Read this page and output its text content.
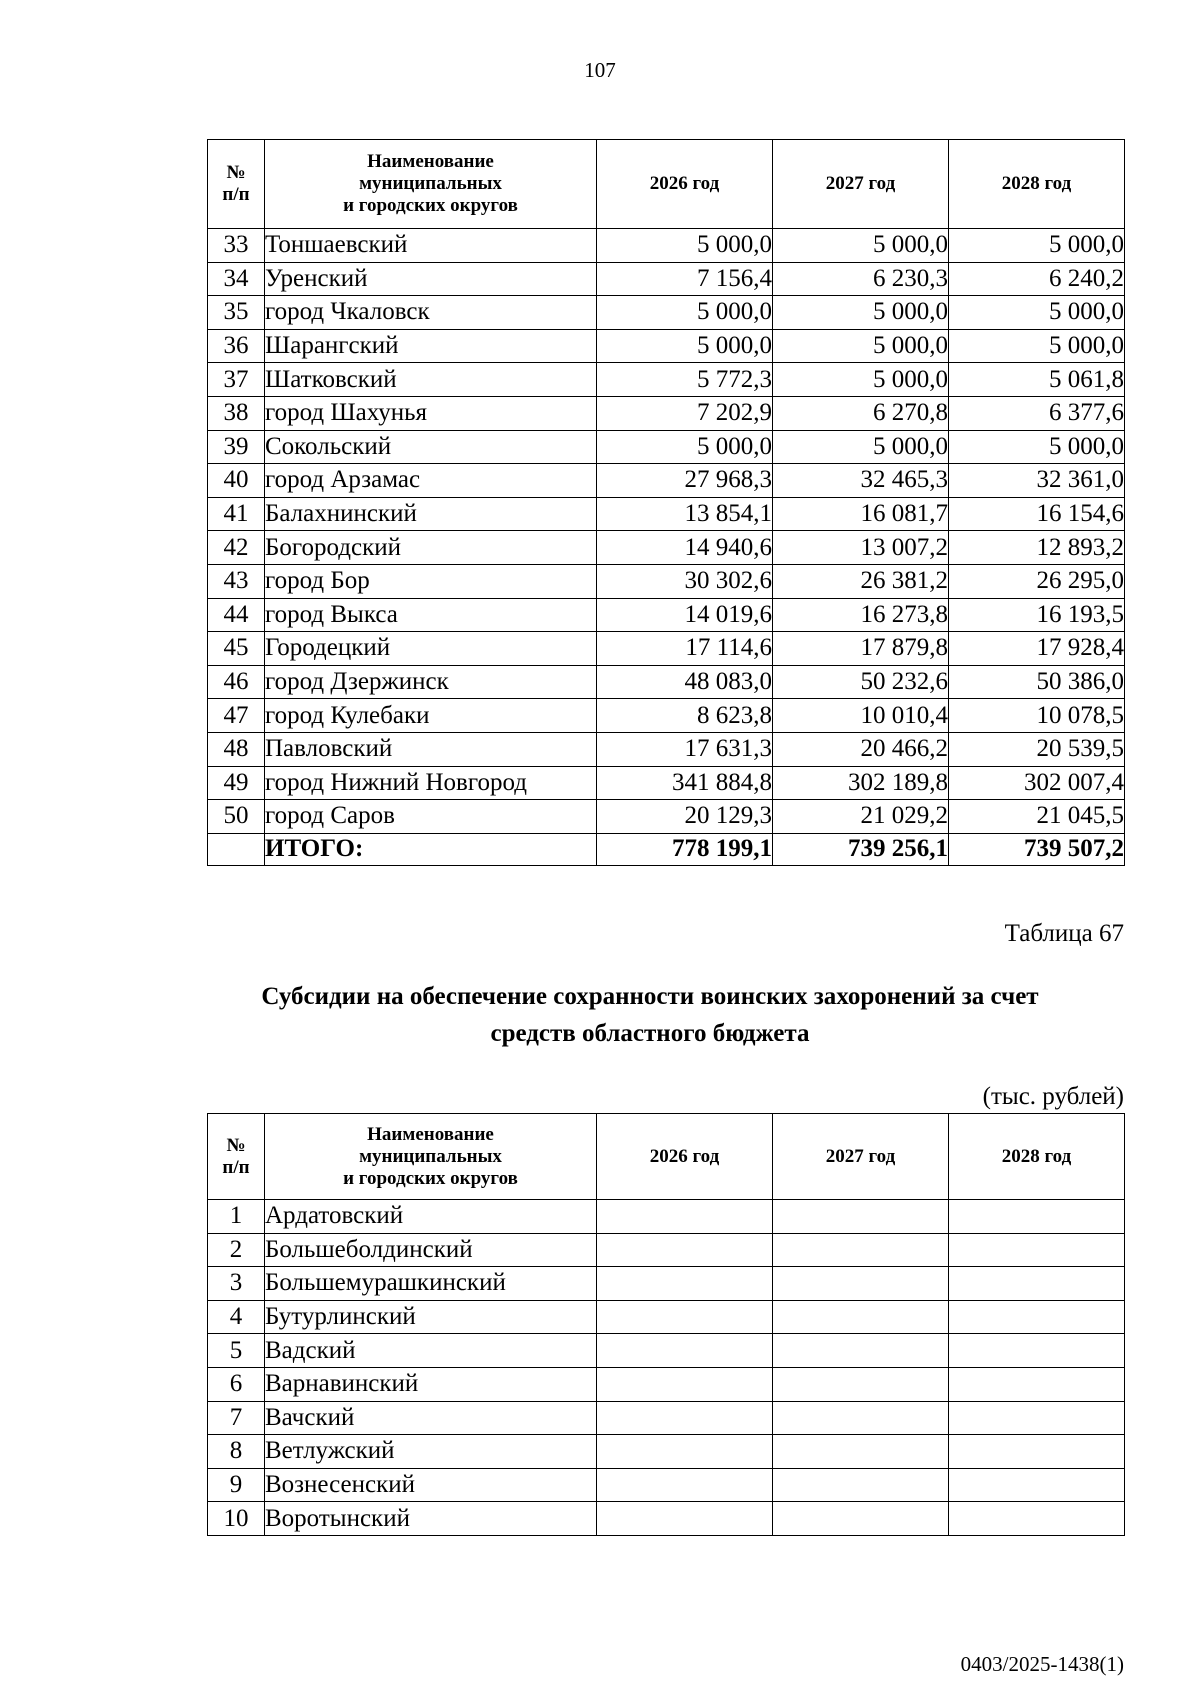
107
№
п/п	Наименование
муниципальных
и городских округов	2026 год	2027 год	2028 год
33	Тоншаевский	5 000,0	5 000,0	5 000,0
34	Уренский	7 156,4	6 230,3	6 240,2
35	город Чкаловск	5 000,0	5 000,0	5 000,0
36	Шарангский	5 000,0	5 000,0	5 000,0
37	Шатковский	5 772,3	5 000,0	5 061,8
38	город Шахунья	7 202,9	6 270,8	6 377,6
39	Сокольский	5 000,0	5 000,0	5 000,0
40	город Арзамас	27 968,3	32 465,3	32 361,0
41	Балахнинский	13 854,1	16 081,7	16 154,6
42	Богородский	14 940,6	13 007,2	12 893,2
43	город Бор	30 302,6	26 381,2	26 295,0
44	город Выкса	14 019,6	16 273,8	16 193,5
45	Городецкий	17 114,6	17 879,8	17 928,4
46	город Дзержинск	48 083,0	50 232,6	50 386,0
47	город Кулебаки	8 623,8	10 010,4	10 078,5
48	Павловский	17 631,3	20 466,2	20 539,5
49	город Нижний Новгород	341 884,8	302 189,8	302 007,4
50	город Саров	20 129,3	21 029,2	21 045,5
	ИТОГО:	778 199,1	739 256,1	739 507,2
Таблица 67
Субсидии на обеспечение сохранности воинских захоронений за счет
средств областного бюджета
(тыс. рублей)
№
п/п	Наименование
муниципальных
и городских округов	2026 год	2027 год	2028 год
1	Ардатовский			
2	Большеболдинский			
3	Большемурашкинский			
4	Бутурлинский			
5	Вадский			
6	Варнавинский			
7	Вачский			
8	Ветлужский			
9	Вознесенский			
10	Воротынский			
0403/2025-1438(1)
